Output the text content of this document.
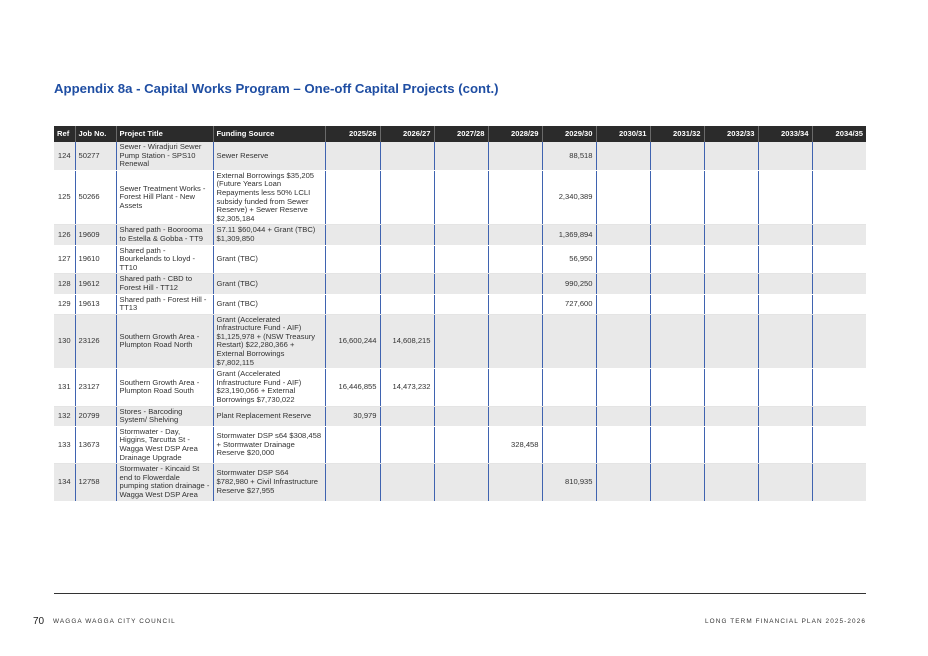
Appendix 8a - Capital Works Program – One-off Capital Projects (cont.)
Ref	Job No.	Project Title	Funding Source	2025/26	2026/27	2027/28	2028/29	2029/30	2030/31	2031/32	2032/33	2033/34	2034/35
124	50277	Sewer - Wiradjuri Sewer Pump Station - SPS10 Renewal	Sewer Reserve					88,518					
125	50266	Sewer Treatment Works - Forest Hill Plant - New Assets	External Borrowings $35,205 (Future Years Loan Repayments less 50% LCLI subsidy funded from Sewer Reserve) + Sewer Reserve $2,305,184					2,340,389					
126	19609	Shared path - Boorooma to Estella & Gobba - TT9	S7.11 $60,044 + Grant (TBC) $1,309,850					1,369,894					
127	19610	Shared path - Bourkelands to Lloyd - TT10	Grant (TBC)					56,950					
128	19612	Shared path - CBD to Forest Hill - TT12	Grant (TBC)					990,250					
129	19613	Shared path - Forest Hill - TT13	Grant (TBC)					727,600					
130	23126	Southern Growth Area - Plumpton Road North	Grant (Accelerated Infrastructure Fund - AIF) $1,125,978 + (NSW Treasury Restart) $22,280,366 + External Borrowings $7,802,115	16,600,244	14,608,215								
131	23127	Southern Growth Area - Plumpton Road South	Grant (Accelerated Infrastructure Fund - AIF) $23,190,066 + External Borrowings $7,730,022	16,446,855	14,473,232								
132	20799	Stores - Barcoding System/ Shelving	Plant Replacement Reserve	30,979									
133	13673	Stormwater - Day, Higgins, Tarcutta St - Wagga West DSP Area Drainage Upgrade	Stormwater DSP s64 $308,458 + Stormwater Drainage Reserve $20,000				328,458						
134	12758	Stormwater - Kincaid St end to Flowerdale pumping station drainage - Wagga West DSP Area	Stormwater DSP S64 $782,980 + Civil Infrastructure Reserve $27,955					810,935					
70 WAGGA WAGGA CITY COUNCIL	LONG TERM FINANCIAL PLAN 2025-2026
